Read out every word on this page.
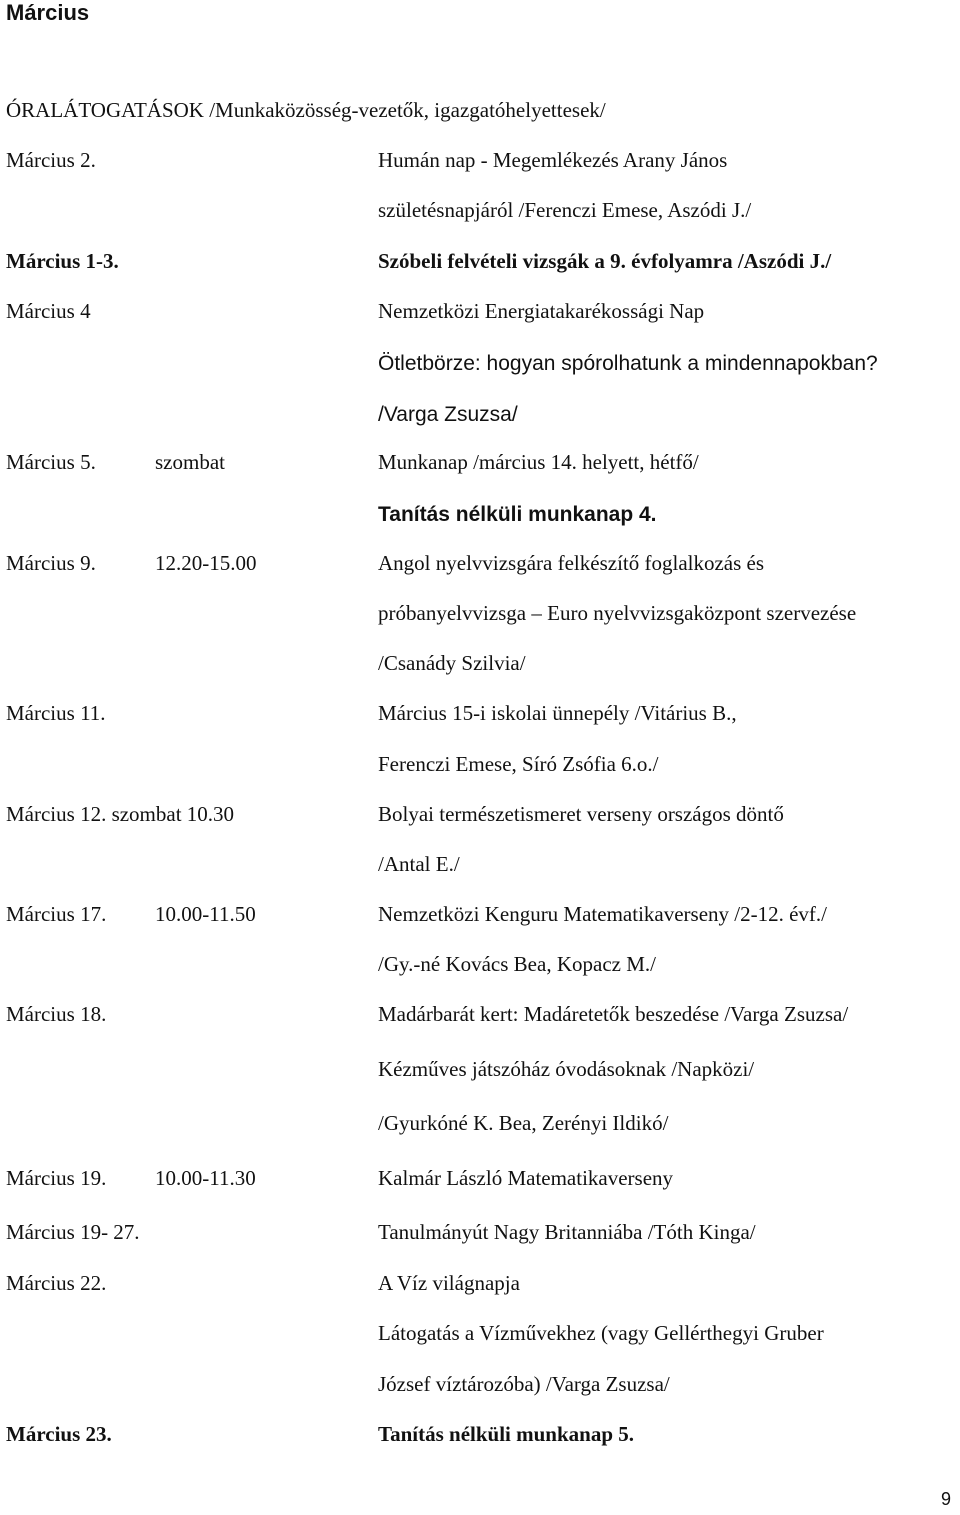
Március
ÓRALÁTOGATÁSOK /Munkaközösség-vezetők, igazgatóhelyettesek/
Március 2.	Humán nap - Megemlékezés Arany János
születésnapjáról /Ferenczi Emese, Aszódi J./
Március 1-3.	Szóbeli felvételi vizsgák a 9. évfolyamra /Aszódi J./
Március 4	Nemzetközi Energiatakarékossági Nap
Ötletbörze: hogyan spórolhatunk a mindennapokban?
/Varga Zsuzsa/
Március 5.	szombat	Munkanap /március 14. helyett, hétfő/
Tanítás nélküli munkanap 4.
Március 9.	12.20-15.00	Angol nyelvvizsgára felkészítő foglalkozás és
próbanyelvvizsga – Euro nyelvvizsgaközpont szervezése
/Csanády Szilvia/
Március 11.	Március 15-i iskolai ünnepély /Vitárius B.,
Ferenczi Emese, Síró Zsófia 6.o./
Március 12. szombat 10.30	Bolyai természetismeret verseny országos döntő
/Antal E./
Március 17. 10.00-11.50	Nemzetközi Kenguru Matematikaverseny /2-12. évf./
/Gy.-né Kovács Bea, Kopacz M./
Március 18.	Madárbarát kert: Madáretetők beszedése /Varga Zsuzsa/
Kézműves játszóház óvodásoknak /Napközi/
/Gyurkóné K. Bea, Zerényi Ildikó/
Március 19. 10.00-11.30	Kalmár László Matematikaverseny
Március 19- 27.	Tanulmányút Nagy Britanniába /Tóth Kinga/
Március 22.	A Víz világnapja
Látogatás a Vízművekhez (vagy Gellérthegyi Gruber
József víztározóba) /Varga Zsuzsa/
Március 23.	Tanítás nélküli munkanap 5.
9
